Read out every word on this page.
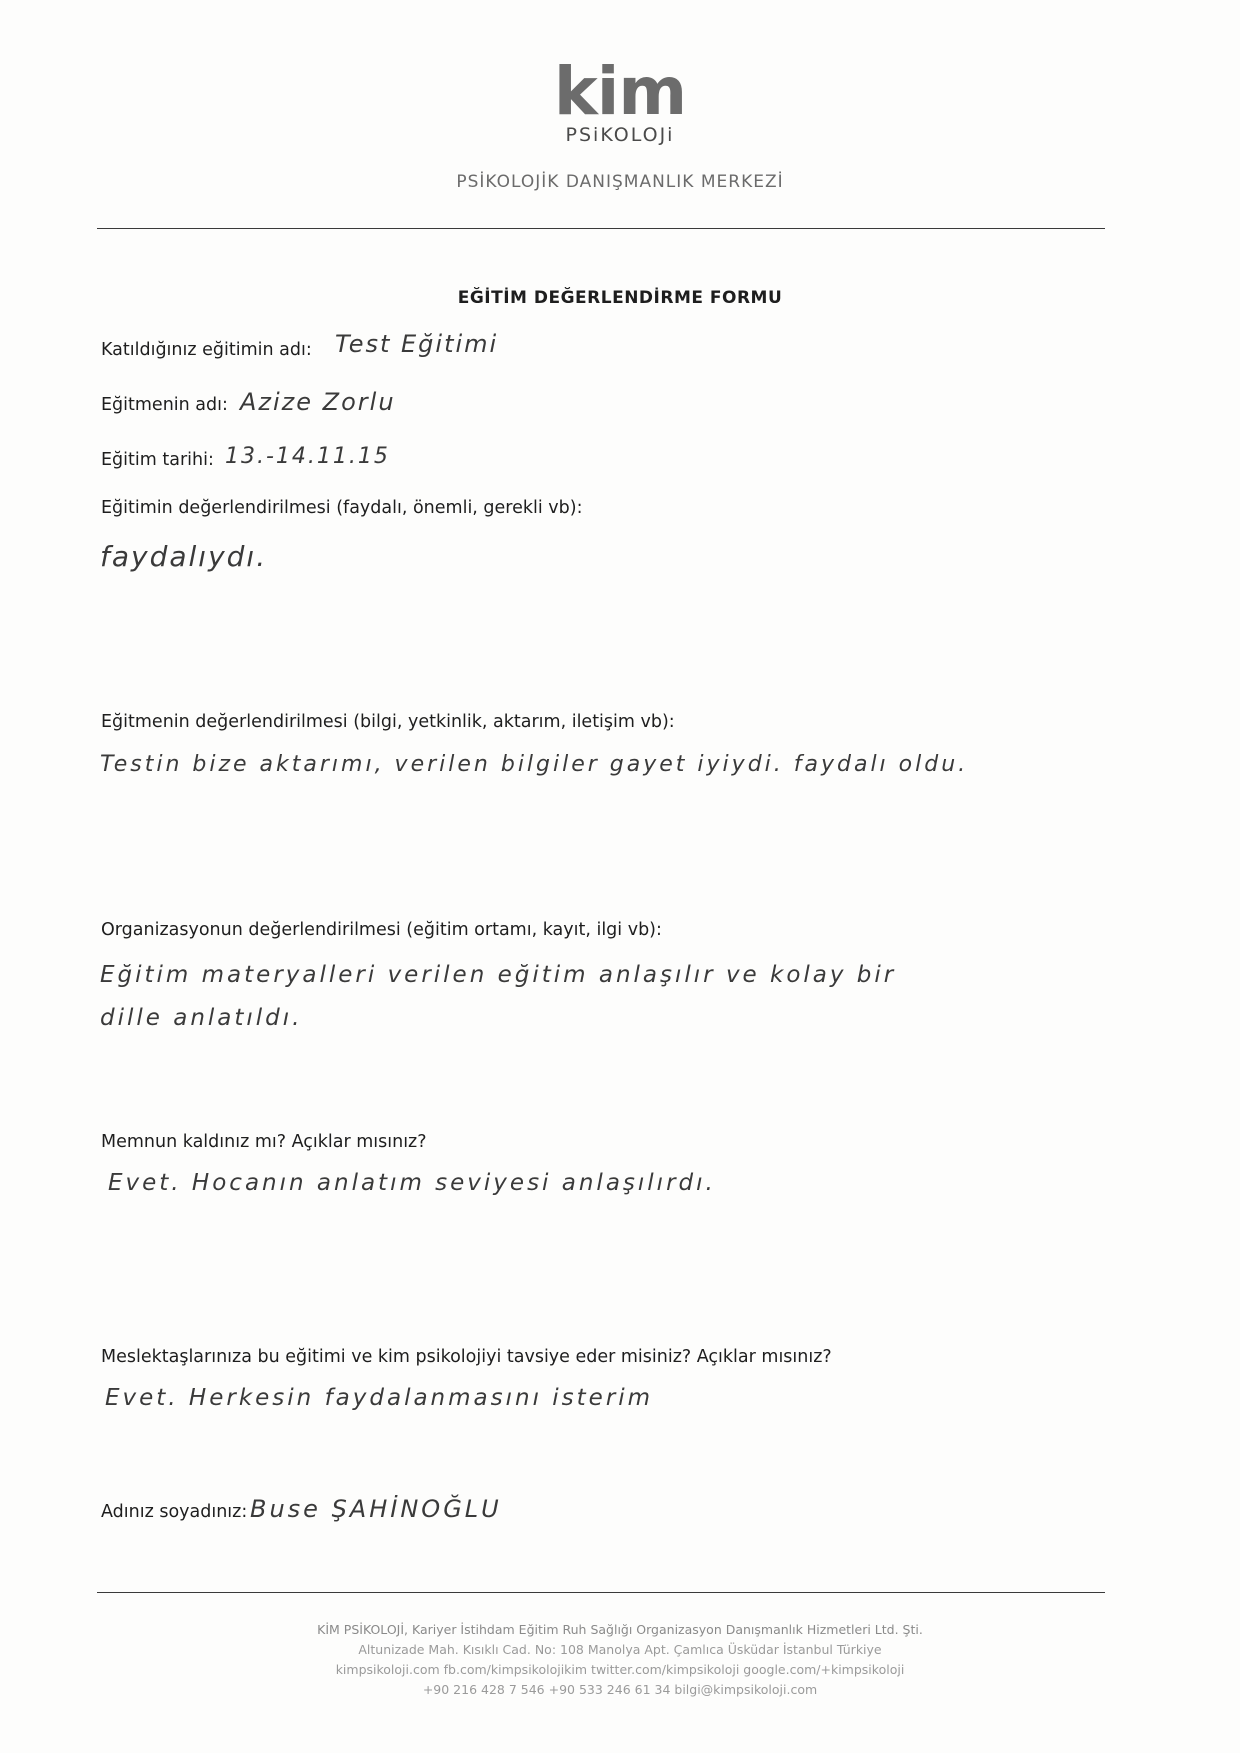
kim
PSiKOLOJi
PSİKOLOJİK DANIŞMANLIK MERKEZİ
EĞİTİM DEĞERLENDİRME FORMU
Katıldığınız eğitimin adı: Test Eğitimi
Eğitmenin adı: Azize Zorlu
Eğitim tarihi: 13.-14.11.15
Eğitimin değerlendirilmesi (faydalı, önemli, gerekli vb):
faydalıydı.
Eğitmenin değerlendirilmesi (bilgi, yetkinlik, aktarım, iletişim vb):
Testin bize aktarımı, verilen bilgiler gayet iyiydi. faydalı oldu.
Organizasyonun değerlendirilmesi (eğitim ortamı, kayıt, ilgi vb):
Eğitim materyalleri verilen eğitim anlaşılır ve kolay bir
dille anlatıldı.
Memnun kaldınız mı? Açıklar mısınız?
Evet. Hocanın anlatım seviyesi anlaşılırdı.
Meslektaşlarınıza bu eğitimi ve kim psikolojiyi tavsiye eder misiniz? Açıklar mısınız?
Evet. Herkesin faydalanmasını isterim
Adınız soyadınız: Buse ŞAHİNOĞLU
KİM PSİKOLOJİ, Kariyer İstihdam Eğitim Ruh Sağlığı Organizasyon Danışmanlık Hizmetleri Ltd. Şti.
Altunizade Mah. Kısıklı Cad. No: 108 Manolya Apt. Çamlıca Üsküdar İstanbul Türkiye
kimpsikoloji.com fb.com/kimpsikolojikim twitter.com/kimpsikoloji google.com/+kimpsikoloji
+90 216 428 7 546 +90 533 246 61 34 bilgi@kimpsikoloji.com
